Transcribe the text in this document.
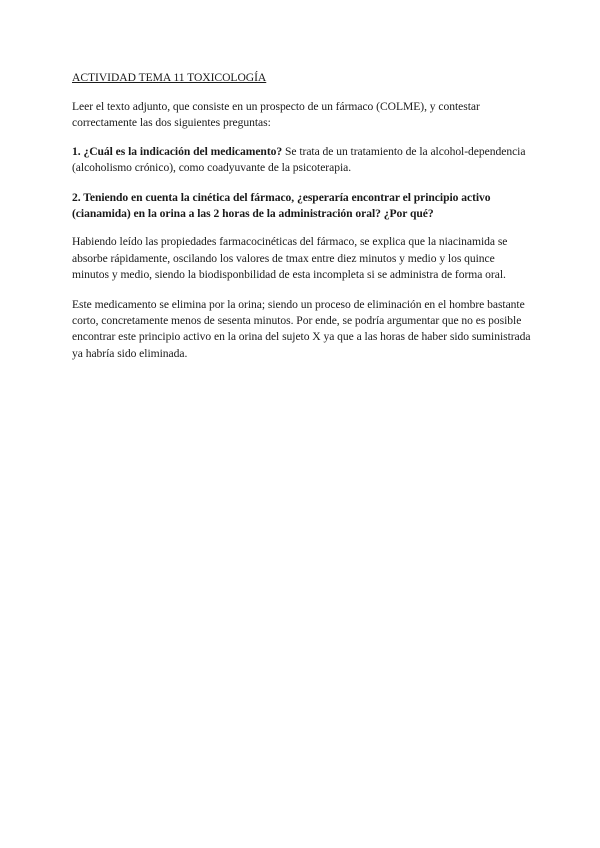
ACTIVIDAD TEMA 11 TOXICOLOGÍA

Leer el texto adjunto, que consiste en un prospecto de un fármaco (COLME), y contestar correctamente las dos siguientes preguntas:

1. ¿Cuál es la indicación del medicamento? Se trata de un tratamiento de la alcohol-dependencia (alcoholismo crónico), como coadyuvante de la psicoterapia.

2. Teniendo en cuenta la cinética del fármaco, ¿esperaría encontrar el principio activo (cianamida) en la orina a las 2 horas de la administración oral? ¿Por qué?

Habiendo leído las propiedades farmacocinéticas del fármaco, se explica que la niacinamida se absorbe rápidamente, oscilando los valores de tmax entre diez minutos y medio y los quince minutos y medio, siendo la biodisponbilidad de esta incompleta si se administra de forma oral.

Este medicamento se elimina por la orina; siendo un proceso de eliminación en el hombre bastante corto, concretamente menos de sesenta minutos. Por ende, se podría argumentar que no es posible encontrar este principio activo en la orina del sujeto X ya que a las horas de haber sido suministrada ya habría sido eliminada.
